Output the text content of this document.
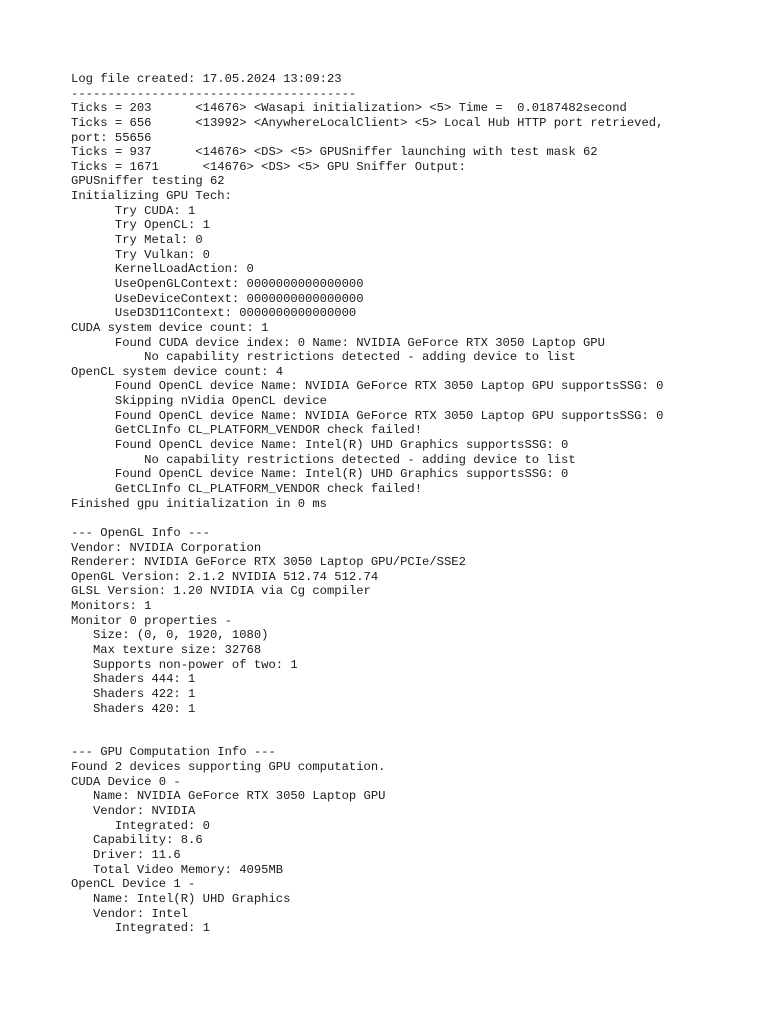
Log file created: 17.05.2024 13:09:23
---------------------------------------
Ticks = 203      <14676> <Wasapi initialization> <5> Time =  0.0187482second
Ticks = 656      <13992> <AnywhereLocalClient> <5> Local Hub HTTP port retrieved,
port: 55656
Ticks = 937      <14676> <DS> <5> GPUSniffer launching with test mask 62
Ticks = 1671      <14676> <DS> <5> GPU Sniffer Output:
GPUSniffer testing 62
Initializing GPU Tech:
Try CUDA: 1
Try OpenCL: 1
Try Metal: 0
Try Vulkan: 0
KernelLoadAction: 0
UseOpenGLContext: 0000000000000000
UseDeviceContext: 0000000000000000
UseD3D11Context: 0000000000000000
CUDA system device count: 1
Found CUDA device index: 0 Name: NVIDIA GeForce RTX 3050 Laptop GPU
No capability restrictions detected - adding device to list
OpenCL system device count: 4
Found OpenCL device Name: NVIDIA GeForce RTX 3050 Laptop GPU supportsSSG: 0
Skipping nVidia OpenCL device
Found OpenCL device Name: NVIDIA GeForce RTX 3050 Laptop GPU supportsSSG: 0
GetCLInfo CL_PLATFORM_VENDOR check failed!
Found OpenCL device Name: Intel(R) UHD Graphics supportsSSG: 0
No capability restrictions detected - adding device to list
Found OpenCL device Name: Intel(R) UHD Graphics supportsSSG: 0
GetCLInfo CL_PLATFORM_VENDOR check failed!
Finished gpu initialization in 0 ms
--- OpenGL Info ---
Vendor: NVIDIA Corporation
Renderer: NVIDIA GeForce RTX 3050 Laptop GPU/PCIe/SSE2
OpenGL Version: 2.1.2 NVIDIA 512.74 512.74
GLSL Version: 1.20 NVIDIA via Cg compiler
Monitors: 1
Monitor 0 properties -
Size: (0, 0, 1920, 1080)
Max texture size: 32768
Supports non-power of two: 1
Shaders 444: 1
Shaders 422: 1
Shaders 420: 1
--- GPU Computation Info ---
Found 2 devices supporting GPU computation.
CUDA Device 0 -
Name: NVIDIA GeForce RTX 3050 Laptop GPU
Vendor: NVIDIA
Integrated: 0
Capability: 8.6
Driver: 11.6
Total Video Memory: 4095MB
OpenCL Device 1 -
Name: Intel(R) UHD Graphics
Vendor: Intel
Integrated: 1
